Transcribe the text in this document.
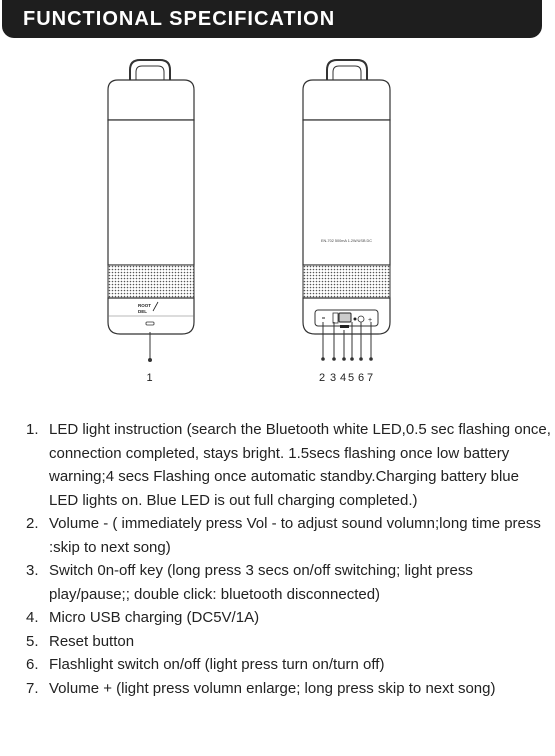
FUNCTIONAL SPECIFICATION
ROOT
DEL
1
EN-702 500mA 1.2W/USB DC
+
2 3 4 5 6 7
1. LED light instruction (search the Bluetooth white LED,0.5 sec flashing once, connection completed, stays bright. 1.5secs flashing once low battery warning;4 secs Flashing once automatic standby.Charging battery blue LED lights on. Blue LED is out full charging completed.)
2. Volume - ( immediately press Vol - to adjust sound volumn;long time press :skip to next song)
3. Switch 0n-off key (long press 3 secs on/off switching; light press play/pause;; double click: bluetooth disconnected)
4. Micro USB charging (DC5V/1A)
5. Reset button
6. Flashlight switch on/off (light press turn on/turn off)
7. Volume + (light press volumn enlarge; long press skip to next song)
